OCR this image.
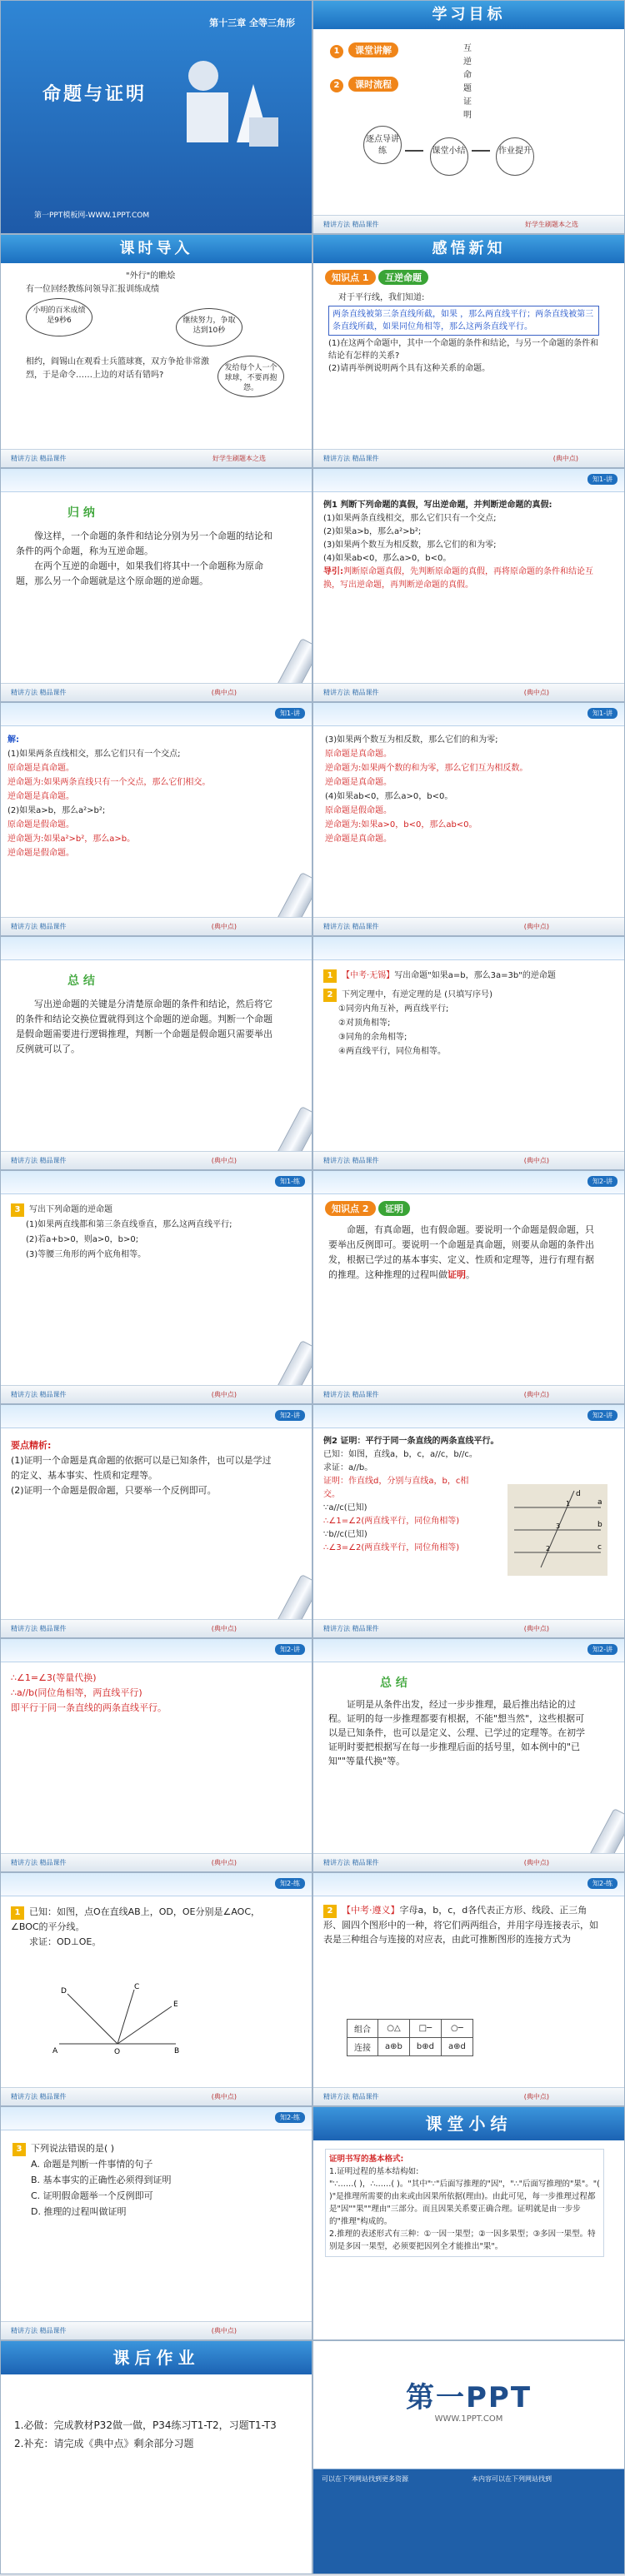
第十三章 全等三角形
命题与证明
第一PPT模板网-WWW.1PPT.COM
学习目标
1 课堂讲解	互逆命题
证明
2 课时流程
逐点导讲练	课堂小结	作业提升
精讲方法 精品课件	好学生刷题本之选
课时导入
"外行"的瞧烩
有一位回经教练问领导汇报训练成绩
小明的百米成绩是9秒6	继续努力，争取达到10秒
发给每个人一个球球，不要再抱怨。
相约，阎锡山在观看士兵篮球赛，双方争抢非常激烈，于是命令……上边的对话有错吗?
精讲方法 精品课件	好学生刷题本之选
感悟新知
知识点 1 互逆命题
对于平行线，我们知道:
两条直线被第三条直线所截，如果 ，那么两直线平行；两条直线被第三条直线所截，如果同位角相等，那么这两条直线平行。
(1)在这两个命题中，其中一个命题的条件和结论，与另一个命题的条件和结论有怎样的关系?
(2)请再举例说明两个具有这种关系的命题。
精讲方法 精品课件	(典中点)
归 纳

像这样，一个命题的条件和结论分别为另一个命题的结论和条件的两个命题，称为互逆命题。

在两个互逆的命题中，如果我们将其中一个命题称为原命题，那么另一个命题就是这个原命题的逆命题。

精讲方法 精品课件	(典中点)
知1-讲
例1 判断下列命题的真假，写出逆命题，并判断逆命题的真假:
(1)如果两条直线相交，那么它们只有一个交点;
(2)如果a>b，那么a²>b²;
(3)如果两个数互为相反数，那么它们的和为零;
(4)如果ab<0，那么a>0，b<0。
导引:判断原命题真假，先判断原命题的真假，再将原命题的条件和结论互换，写出逆命题，再判断逆命题的真假。
精讲方法 精品课件	(典中点)
知1-讲
解:
(1)如果两条直线相交，那么它们只有一个交点;
原命题是真命题。
逆命题为:如果两条直线只有一个交点，那么它们相交。
逆命题是真命题。
(2)如果a>b，那么a²>b²;
原命题是假命题。
逆命题为:如果a²>b²，那么a>b。
逆命题是假命题。
精讲方法 精品课件	(典中点)
知1-讲
(3)如果两个数互为相反数，那么它们的和为零;
原命题是真命题。
逆命题为:如果两个数的和为零，那么它们互为相反数。
逆命题是真命题。
(4)如果ab<0，那么a>0，b<0。
原命题是假命题。
逆命题为:如果a>0，b<0，那么ab<0。
逆命题是真命题。
精讲方法 精品课件	(典中点)
总 结

写出逆命题的关键是分清楚原命题的条件和结论，然后将它的条件和结论交换位置就得到这个命题的逆命题。判断一个命题是假命题需要进行逻辑推理，判断一个命题是假命题只需要举出反例就可以了。

精讲方法 精品课件	(典中点)
1 【中考·无锡】写出命题"如果a=b，那么3a=3b"的逆命题
2 下列定理中，有逆定理的是 (只填写序号)
①同旁内角互补，两直线平行;
②对顶角相等;
③同角的余角相等;
④两直线平行，同位角相等。
精讲方法 精品课件	(典中点)
知1-练
3 写出下列命题的逆命题
(1)如果两直线都和第三条直线垂直，那么这两直线平行;
(2)若a+b>0，则a>0，b>0;
(3)等腰三角形的两个底角相等。
精讲方法 精品课件	(典中点)
知2-讲
知识点 2 证明
命题，有真命题，也有假命题。要说明一个命题是假命题，只要举出反例即可。要说明一个命题是真命题，则要从命题的条件出发，根据已学过的基本事实、定义、性质和定理等，进行有理有据的推理。这种推理的过程叫做证明。
精讲方法 精品课件	(典中点)
知2-讲
要点精析:
(1)证明一个命题是真命题的依据可以是已知条件，也可以是学过的定义、基本事实、性质和定理等。
(2)证明一个命题是假命题，只要举一个反例即可。
精讲方法 精品课件	(典中点)
知2-讲
例2 证明：平行于同一条直线的两条直线平行。
已知：如图，直线a，b，c，a//c，b//c。
求证：a//b。
证明：作直线d，分别与直线a，b，c相交。
∵a//c(已知)
∴∠1=∠2(两直线平行，同位角相等)
∵b//c(已知)
∴∠3=∠2(两直线平行，同位角相等)
d
a
b
c
1
3
2
精讲方法 精品课件	(典中点)
知2-讲
∴∠1=∠3(等量代换)
∴a//b(同位角相等，两直线平行)
即平行于同一条直线的两条直线平行。
精讲方法 精品课件	(典中点)
知2-讲
总 结

证明是从条件出发，经过一步步推理，最后推出结论的过程。证明的每一步推理都要有根据，不能"想当然"，这些根据可以是已知条件，也可以是定义、公理、已学过的定理等。在初学证明时要把根据写在每一步推理后面的括号里，如本例中的"已知""等量代换"等。

精讲方法 精品课件	(典中点)
知2-练
1 已知：如图，点O在直线AB上，OD，OE分别是∠AOC，∠BOC的平分线。
求证：OD⊥OE。
D	C
E
A	O	B
精讲方法 精品课件	(典中点)
知2-练
2 【中考·遵义】字母a，b，c，d各代表正方形、线段、正三角形、圆四个图形中的一种，将它们两两组合，并用字母连接表示，如表是三种组合与连接的对应表，由此可推断图形的连接方式为
组合	○△	□─	○─
连接	a⊕b	b⊕d	a⊕d
精讲方法 精品课件	(典中点)
知2-练
3 下列说法错误的是( )
A. 命题是判断一件事情的句子
B. 基本事实的正确性必须得到证明
C. 证明假命题举一个反例即可
D. 推理的过程叫做证明
精讲方法 精品课件	(典中点)
课堂小结
证明书写的基本格式:
1.证明过程的基本结构如:
"∵……( )，∴……( )。"其中"∵"后面写推理的"因"，"∴"后面写推理的"果"。"( )"是推理所需要的由来或由因果所依据(理由)。由此可见，每一步推理过程都是"因""果""理由"三部分。而且因果关系要正确合理。证明就是由一步步的"推理"构成的。
2.推理的表述形式有三种：①一因一果型；②一因多果型；③多因一果型。特别是多因一果型，必须要把因列全才能推出"果"。
课后作业
1.必做：完成教材P32做一做，P34练习T1-T2，习题T1-T3
2.补充：请完成《典中点》剩余部分习题
第一PPT
WWW.1PPT.COM
可以在下列网站找到更多资源	本内容可以在下列网站找到
